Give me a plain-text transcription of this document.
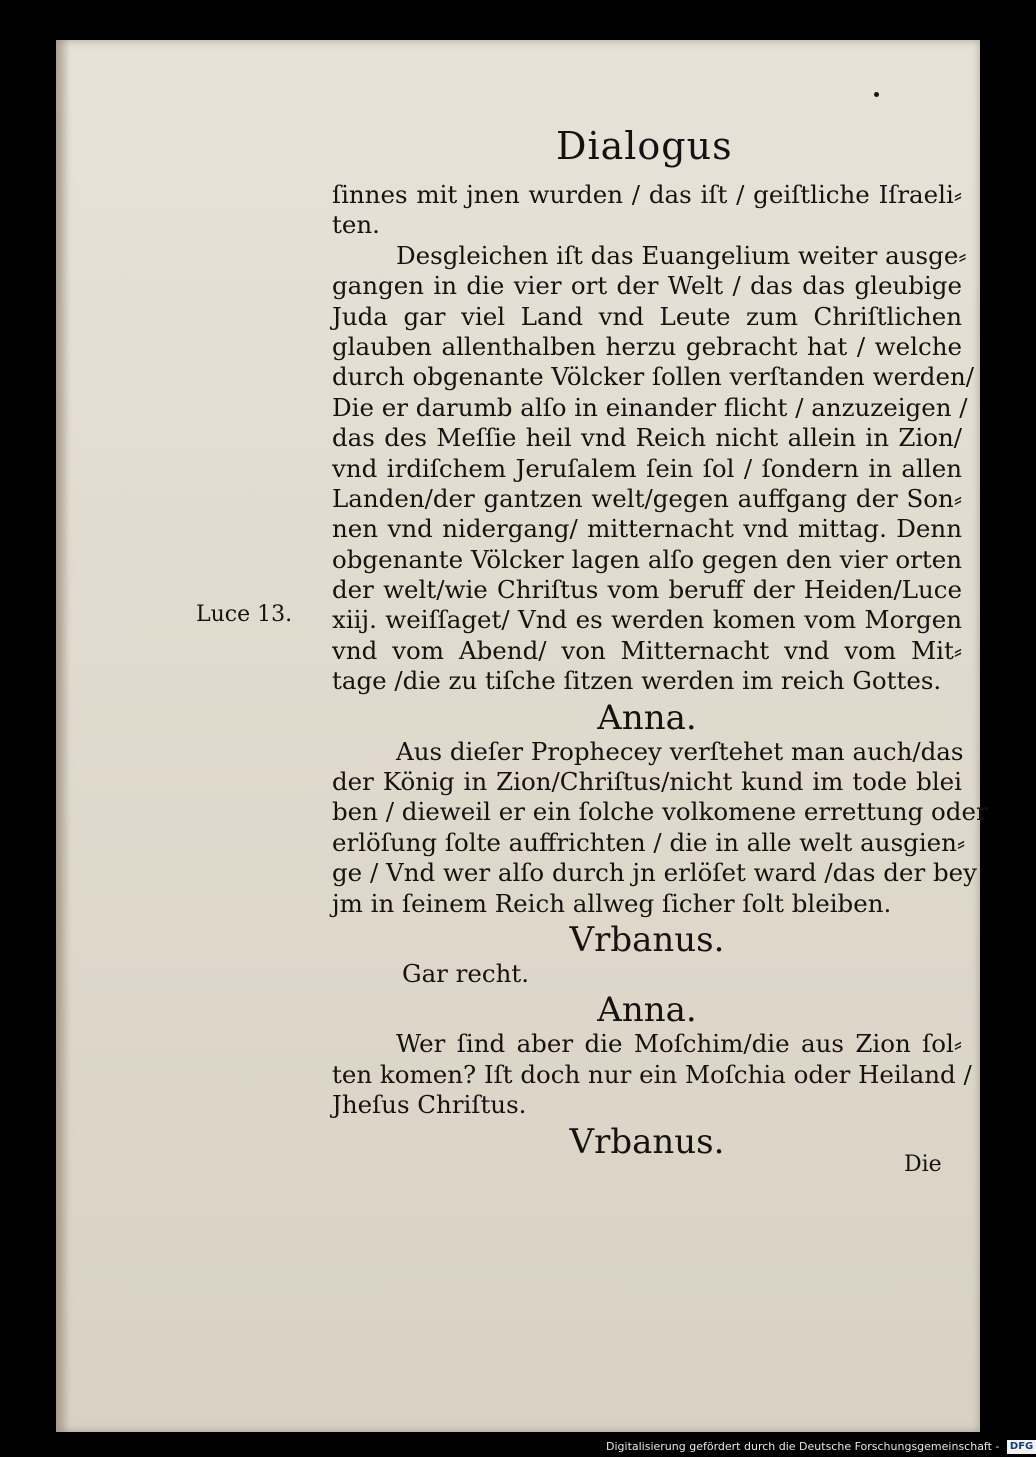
Dialogus
Luce 13.
ſinnes mit jnen wurden / das iſt / geiſtliche Iſraeli⸗
ten.
Desgleichen iſt das Euangelium weiter ausge⸗
gangen in die vier ort der Welt / das das gleubige
Juda gar viel Land vnd Leute zum Chriſtlichen
glauben allenthalben herzu gebracht hat / welche
durch obgenante Völcker ſollen verſtanden werden/
Die er darumb alſo in einander flicht / anzuzeigen /
das des Meſſie heil vnd Reich nicht allein in Zion/
vnd irdiſchem Jeruſalem ſein ſol / ſondern in allen
Landen/der gantzen welt/gegen auffgang der Son⸗
nen vnd nidergang/ mitternacht vnd mittag. Denn
obgenante Völcker lagen alſo gegen den vier orten
der welt/wie Chriſtus vom beruff der Heiden/Luce
xiij. weiſſaget/ Vnd es werden komen vom Morgen
vnd vom Abend/ von Mitternacht vnd vom Mit⸗
tage /die zu tiſche ſitzen werden im reich Gottes.
Anna.
Aus dieſer Prophecey verſtehet man auch/das
der König in Zion/Chriſtus/nicht kund im tode blei
ben / dieweil er ein ſolche volkomene errettung oder
erlöſung ſolte auffrichten / die in alle welt ausgien⸗
ge / Vnd wer alſo durch jn erlöſet ward /das der bey
jm in ſeinem Reich allweg ſicher ſolt bleiben.
Vrbanus.
Gar recht.
Anna.
Wer ſind aber die Moſchim/die aus Zion ſol⸗
ten komen? Iſt doch nur ein Moſchia oder Heiland /
Jheſus Chriſtus.
Vrbanus.
Die
Digitalisierung gefördert durch die Deutsche Forschungsgemeinschaft - DFG
